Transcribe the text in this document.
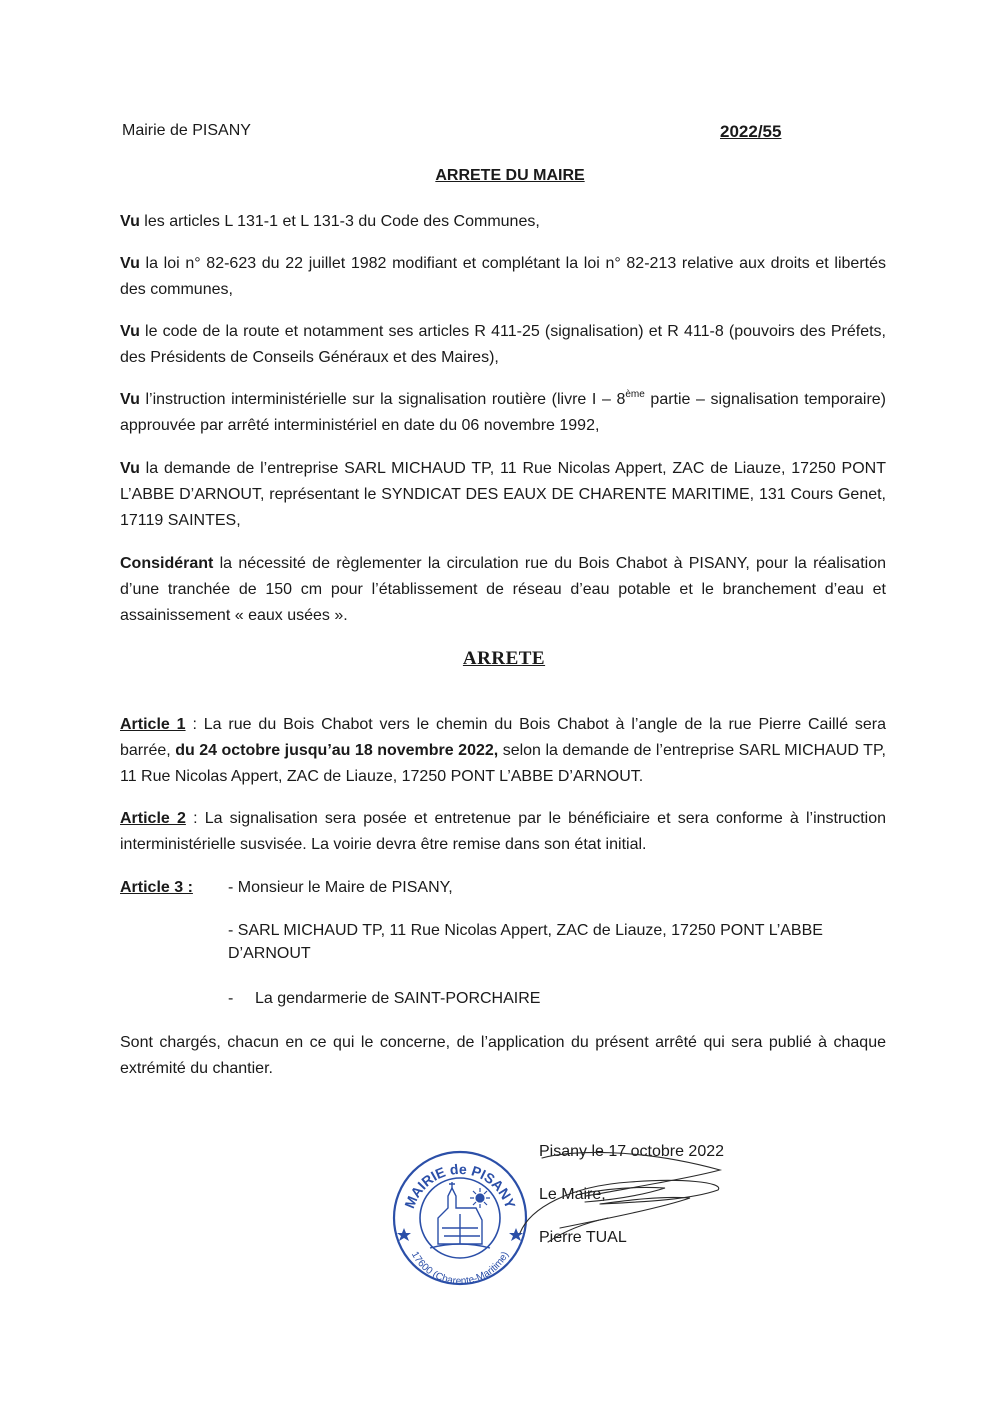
Mairie de PISANY	2022/55
ARRETE DU MAIRE
Vu les articles L 131-1 et L 131-3 du Code des Communes,
Vu la loi n° 82-623 du 22 juillet 1982 modifiant et complétant la loi n° 82-213 relative aux droits et libertés des communes,
Vu le code de la route et notamment ses articles R 411-25 (signalisation) et R 411-8 (pouvoirs des Préfets, des Présidents de Conseils Généraux et des Maires),
Vu l’instruction interministérielle sur la signalisation routière (livre I – 8ème partie – signalisation temporaire) approuvée par arrêté interministériel en date du 06 novembre 1992,
Vu la demande de l’entreprise SARL MICHAUD TP, 11 Rue Nicolas Appert, ZAC de Liauze, 17250 PONT L’ABBE D’ARNOUT, représentant le SYNDICAT DES EAUX DE CHARENTE MARITIME, 131 Cours Genet, 17119 SAINTES,
Considérant la nécessité de règlementer la circulation rue du Bois Chabot à PISANY, pour la réalisation d’une tranchée de 150 cm pour l’établissement de réseau d’eau potable et le branchement d’eau et assainissement « eaux usées ».
ARRETE
Article 1 : La rue du Bois Chabot vers le chemin du Bois Chabot à l’angle de la rue Pierre Caillé sera barrée, du 24 octobre jusqu’au 18 novembre 2022, selon la demande de l’entreprise SARL MICHAUD TP, 11 Rue Nicolas Appert, ZAC de Liauze, 17250 PONT L’ABBE D’ARNOUT.
Article 2 : La signalisation sera posée et entretenue par le bénéficiaire et sera conforme à l’instruction interministérielle susvisée. La voirie devra être remise dans son état initial.
Article 3 : - Monsieur le Maire de PISANY,
- SARL MICHAUD TP, 11 Rue Nicolas Appert, ZAC de Liauze, 17250 PONT L’ABBE D’ARNOUT
- La gendarmerie de SAINT-PORCHAIRE
Sont chargés, chacun en ce qui le concerne, de l’application du présent arrêté qui sera publié à chaque extrémité du chantier.
Pisany le 17 octobre 2022
Le Maire,
Pierre TUAL
MAIRIE de PISANY
17600 (Charente-Maritime)
